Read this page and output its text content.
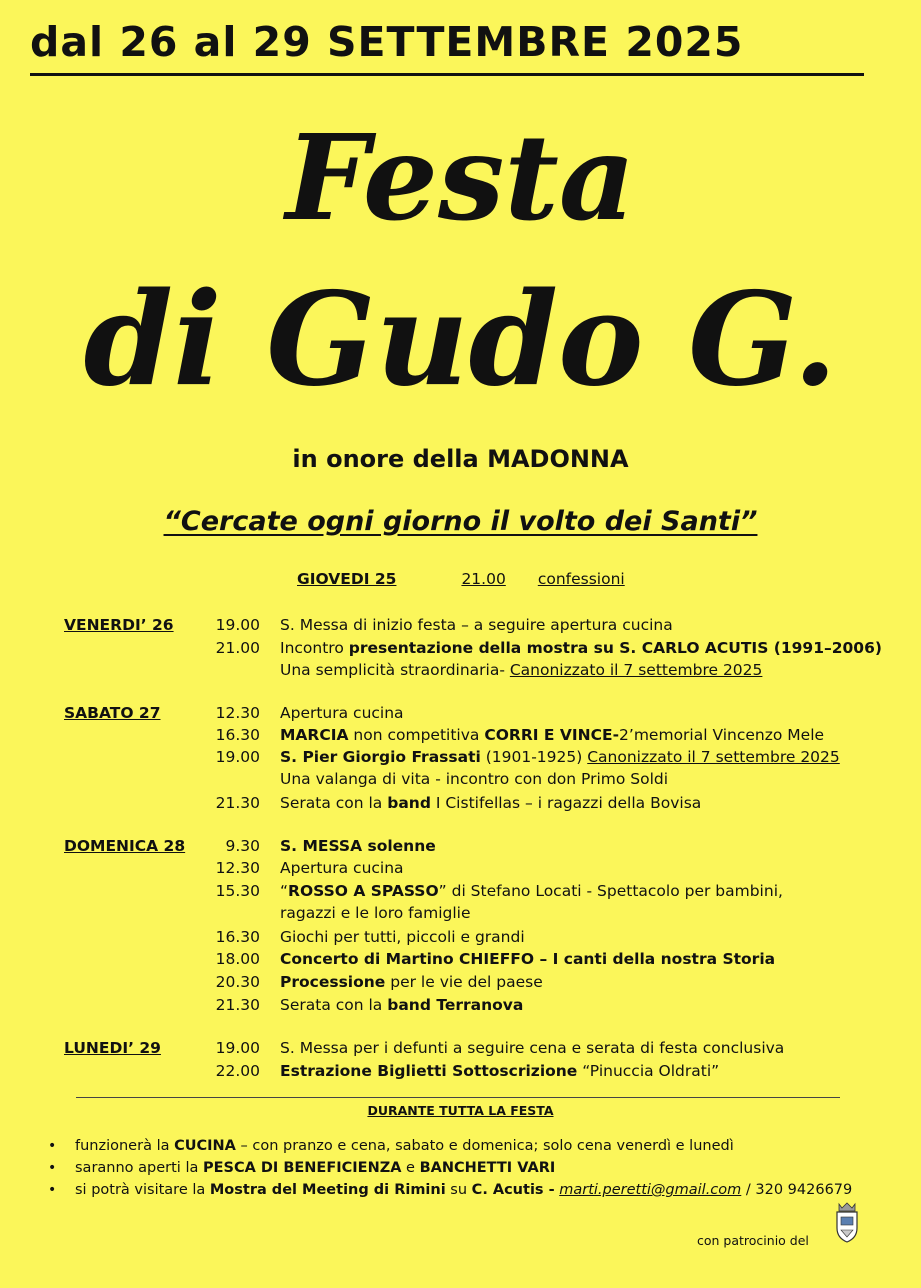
dal 26 al 29 SETTEMBRE 2025
Festa
di Gudo G.
in onore della MADONNA
“Cercate ogni giorno il volto dei Santi”
GIOVEDI 25	21.00 confessioni
VENERDI’ 26	19.00 S. Messa di inizio festa – a seguire apertura cucina
21.00 Incontro presentazione della mostra su S. CARLO ACUTIS (1991–2006)
Una semplicità straordinaria- Canonizzato il 7 settembre 2025
SABATO 27	12.30 Apertura cucina
16.30 MARCIA non competitiva CORRI E VINCE-2’memorial Vincenzo Mele
19.00 S. Pier Giorgio Frassati (1901-1925) Canonizzato il 7 settembre 2025
Una valanga di vita - incontro con don Primo Soldi
21.30 Serata con la band I Cistifellas – i ragazzi della Bovisa
DOMENICA 28	9.30 S. MESSA solenne
12.30 Apertura cucina
15.30 “ROSSO A SPASSO” di Stefano Locati - Spettacolo per bambini,
ragazzi e le loro famiglie
16.30 Giochi per tutti, piccoli e grandi
18.00 Concerto di Martino CHIEFFO – I canti della nostra Storia
20.30 Processione per le vie del paese
21.30 Serata con la band Terranova
LUNEDI’ 29	19.00 S. Messa per i defunti a seguire cena e serata di festa conclusiva
22.00 Estrazione Biglietti Sottoscrizione “Pinuccia Oldrati”
DURANTE TUTTA LA FESTA
• funzionerà la CUCINA – con pranzo e cena, sabato e domenica; solo cena venerdì e lunedì
• saranno aperti la PESCA DI BENEFICIENZA e BANCHETTI VARI
• si potrà visitare la Mostra del Meeting di Rimini su C. Acutis - marti.peretti@gmail.com / 320 9426679
con patrocinio del
